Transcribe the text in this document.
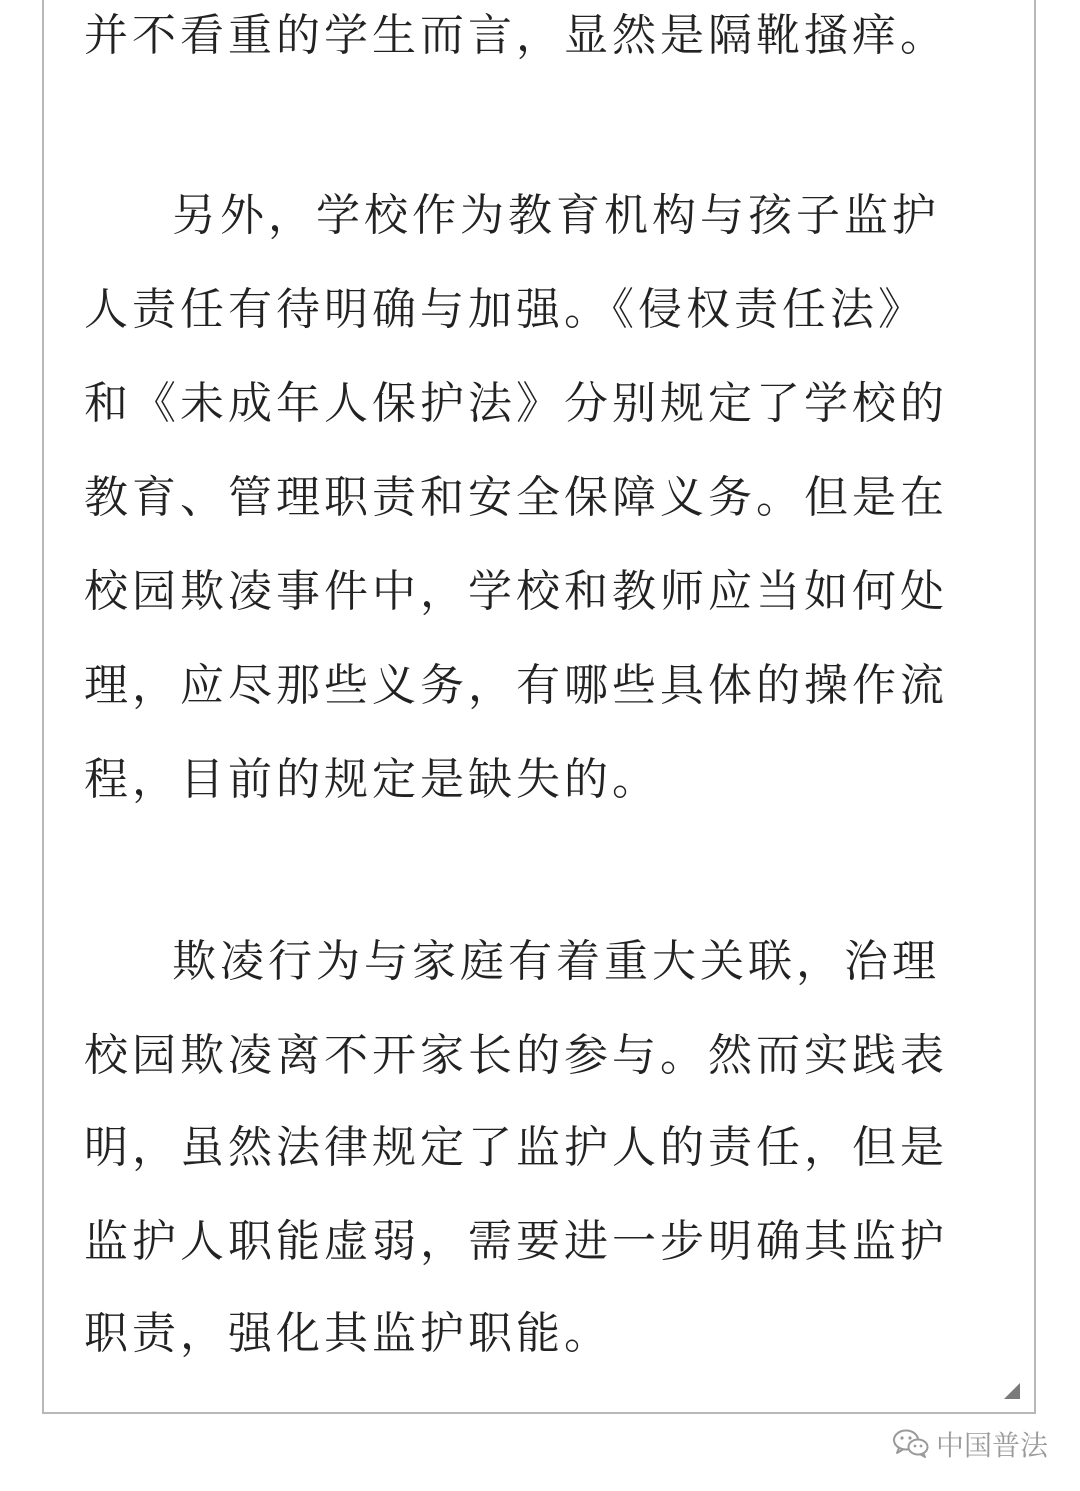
并不看重的学生而言，显然是隔靴搔痒。
另外，学校作为教育机构与孩子监护
人责任有待明确与加强。《侵权责任法》
和《未成年人保护法》分别规定了学校的
教育、管理职责和安全保障义务。但是在
校园欺凌事件中，学校和教师应当如何处
理，应尽那些义务，有哪些具体的操作流
程，目前的规定是缺失的。
欺凌行为与家庭有着重大关联，治理
校园欺凌离不开家长的参与。然而实践表
明，虽然法律规定了监护人的责任，但是
监护人职能虚弱，需要进一步明确其监护
职责，强化其监护职能。
中国普法
